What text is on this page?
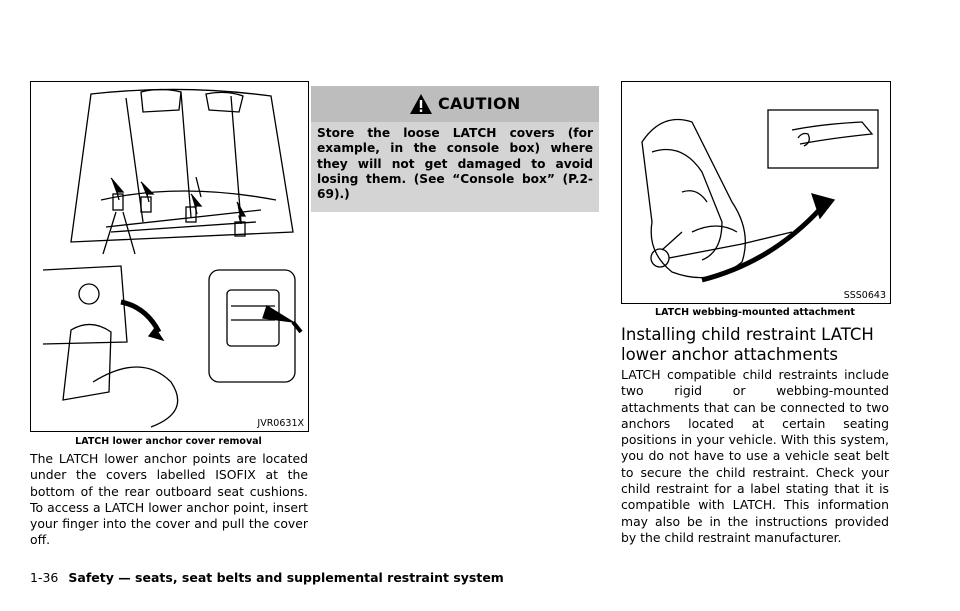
JVR0631X
LATCH lower anchor cover removal

The LATCH lower anchor points are located under the covers labelled ISOFIX at the bottom of the rear outboard seat cushions. To access a LATCH lower anchor point, insert your finger into the cover and pull the cover off.

CAUTION

Store the loose LATCH covers (for example, in the console box) where they will not get damaged to avoid losing them. (See “Console box” (P.2-69).)

SSS0643
LATCH webbing-mounted attachment
Installing child restraint LATCH lower anchor attachments

LATCH compatible child restraints include two rigid or webbing-mounted attachments that can be connected to two anchors located at certain seating positions in your vehicle. With this system, you do not have to use a vehicle seat belt to secure the child restraint. Check your child restraint for a label stating that it is compatible with LATCH. This information may also be in the instructions provided by the child restraint manufacturer.

1-36 Safety — seats, seat belts and supplemental restraint system
